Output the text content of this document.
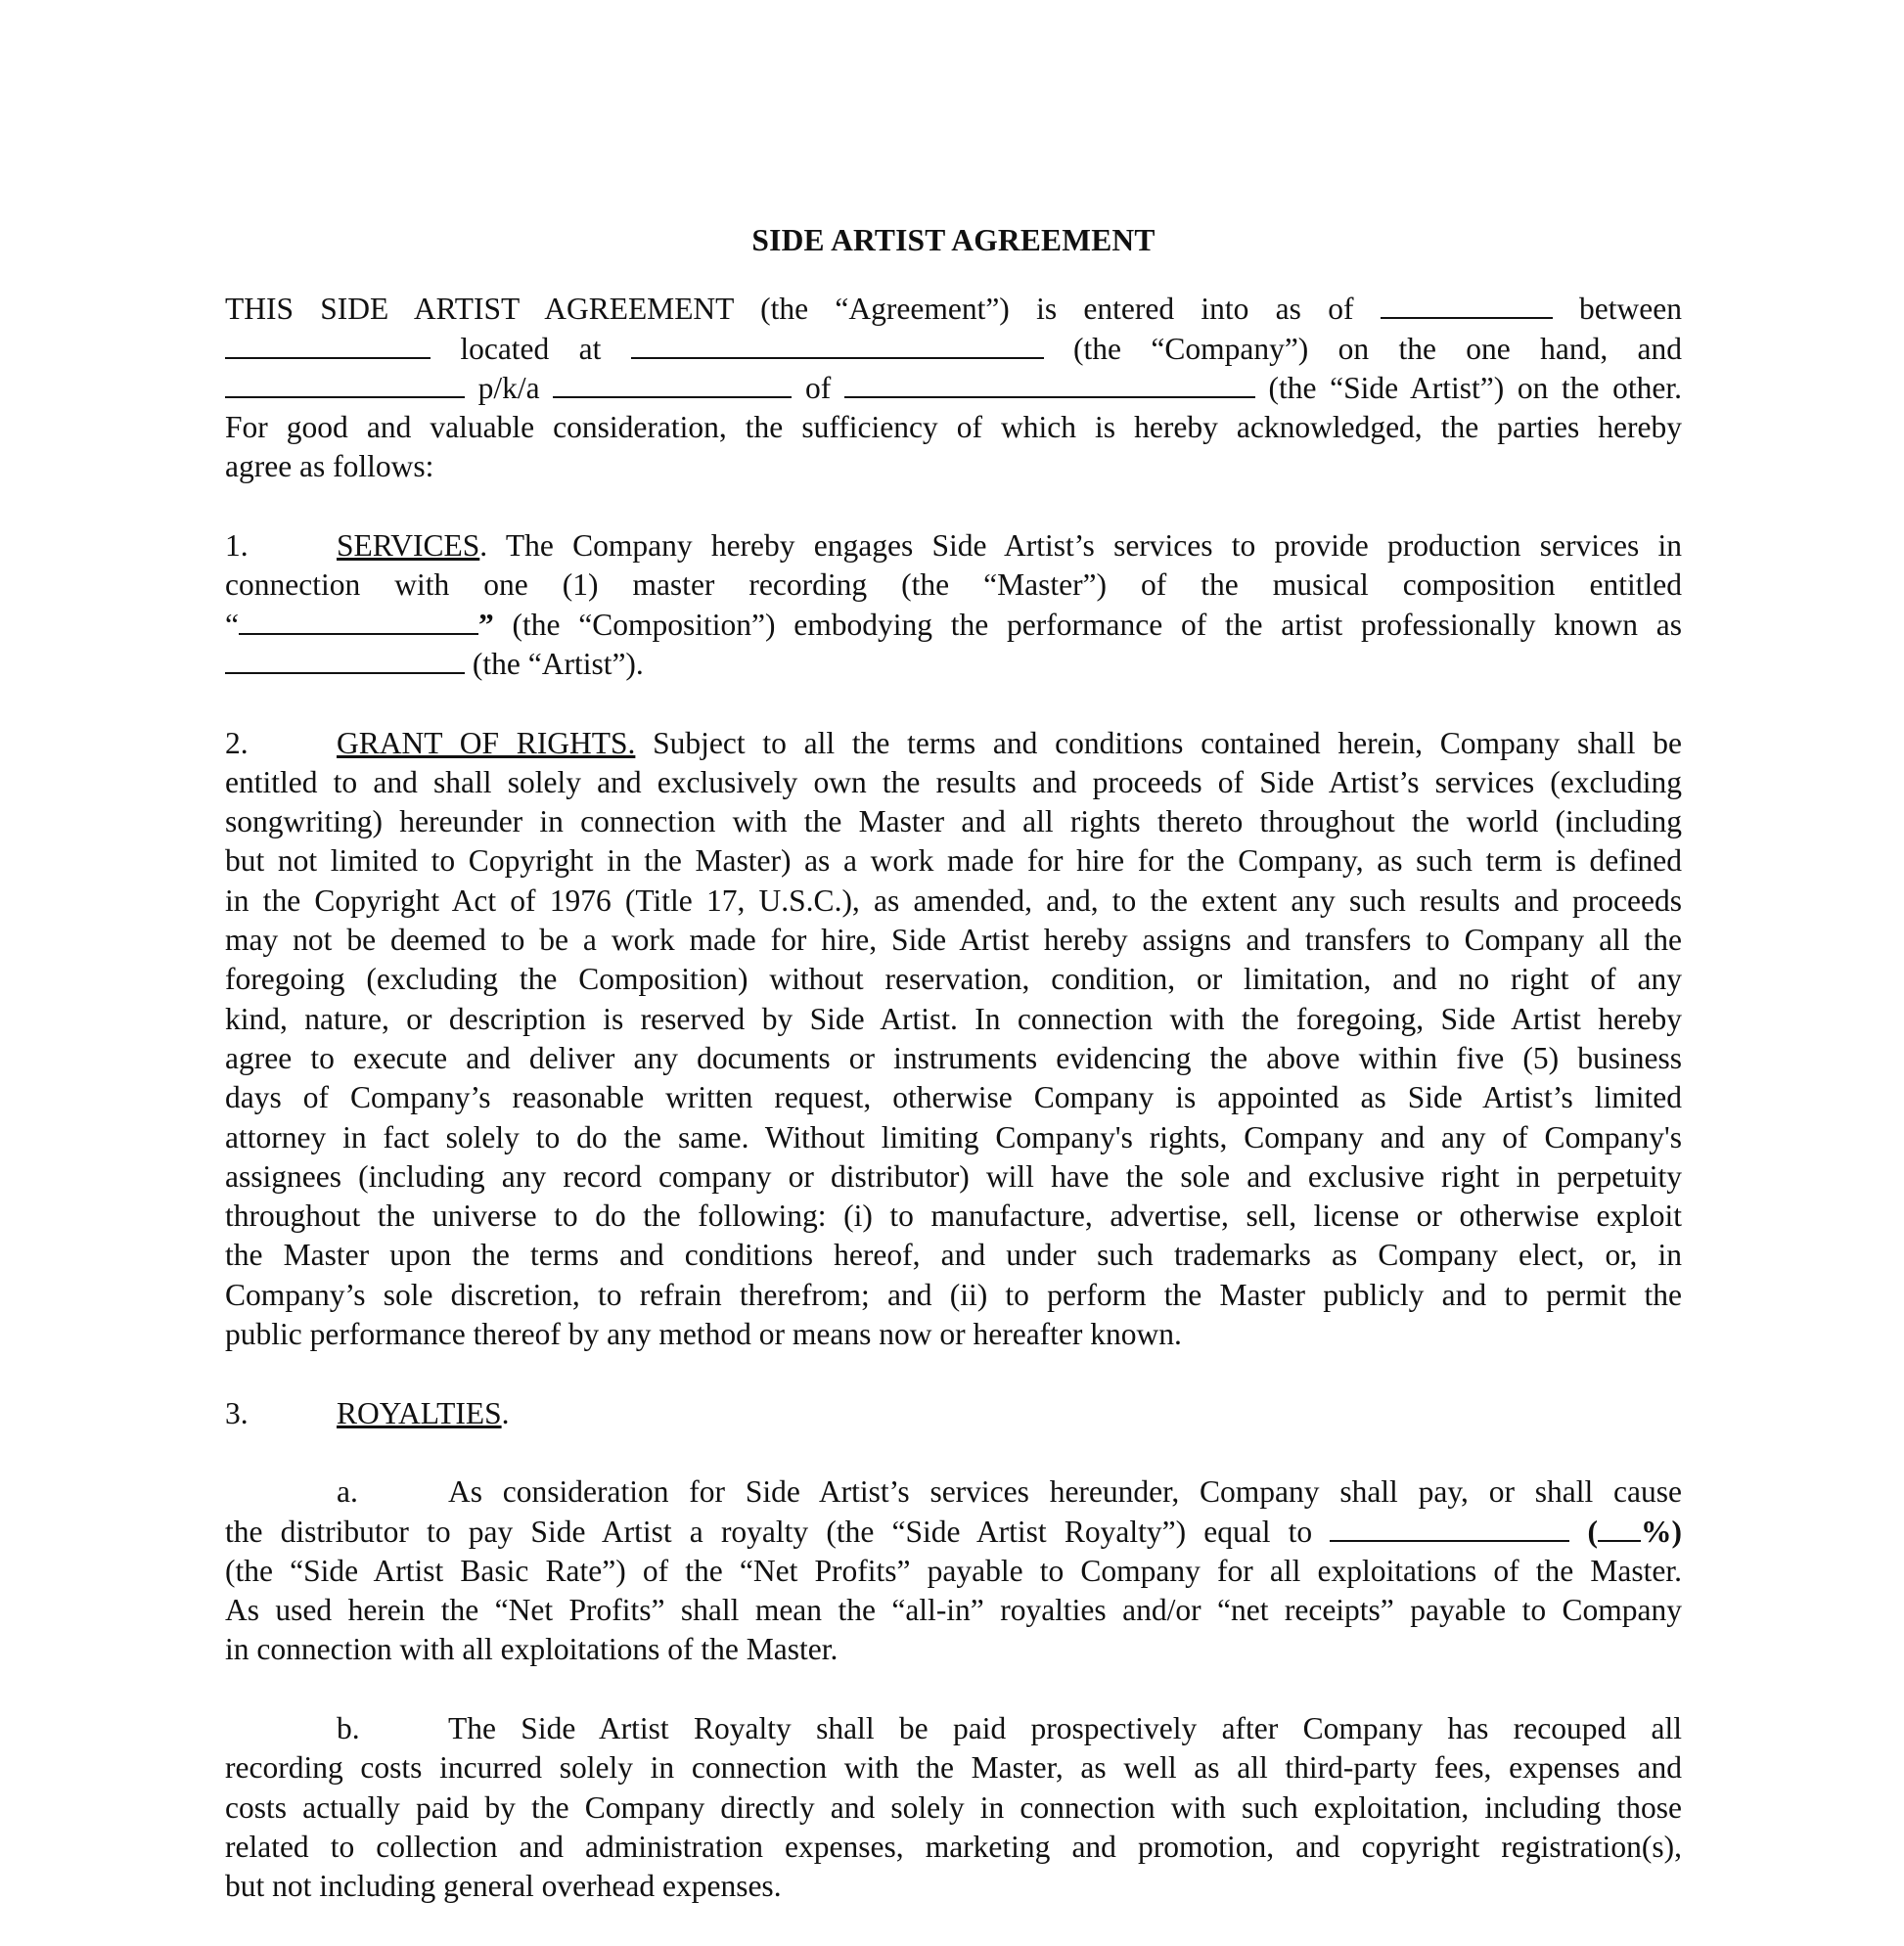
SIDE ARTIST AGREEMENT
THIS SIDE ARTIST AGREEMENT (the “Agreement”) is entered into as of	between
located at	(the “Company”) on the one hand, and
p/k/a	of	(the “Side Artist”) on the other.
For good and valuable consideration, the sufficiency of which is hereby acknowledged, the parties hereby
agree as follows:
1.	SERVICES. The Company hereby engages Side Artist’s services to provide production services in
connection with one (1) master recording (the “Master”) of the musical composition entitled
“	” (the “Composition”) embodying the performance of the artist professionally known as
(the “Artist”).
2.	GRANT OF RIGHTS. Subject to all the terms and conditions contained herein, Company shall be
entitled to and shall solely and exclusively own the results and proceeds of Side Artist’s services (excluding
songwriting) hereunder in connection with the Master and all rights thereto throughout the world (including
but not limited to Copyright in the Master) as a work made for hire for the Company, as such term is defined
in the Copyright Act of 1976 (Title 17, U.S.C.), as amended, and, to the extent any such results and proceeds
may not be deemed to be a work made for hire, Side Artist hereby assigns and transfers to Company all the
foregoing (excluding the Composition) without reservation, condition, or limitation, and no right of any
kind, nature, or description is reserved by Side Artist. In connection with the foregoing, Side Artist hereby
agree to execute and deliver any documents or instruments evidencing the above within five (5) business
days of Company’s reasonable written request, otherwise Company is appointed as Side Artist’s limited
attorney in fact solely to do the same. Without limiting Company's rights, Company and any of Company's
assignees (including any record company or distributor) will have the sole and exclusive right in perpetuity
throughout the universe to do the following: (i) to manufacture, advertise, sell, license or otherwise exploit
the Master upon the terms and conditions hereof, and under such trademarks as Company elect, or, in
Company’s sole discretion, to refrain therefrom; and (ii) to perform the Master publicly and to permit the
public performance thereof by any method or means now or hereafter known.
3.	ROYALTIES.
a.	As consideration for Side Artist’s services hereunder, Company shall pay, or shall cause
the distributor to pay Side Artist a royalty (the “Side Artist Royalty”) equal to	( %)
(the “Side Artist Basic Rate”) of the “Net Profits” payable to Company for all exploitations of the Master.
As used herein the “Net Profits” shall mean the “all-in” royalties and/or “net receipts” payable to Company
in connection with all exploitations of the Master.
b.	The Side Artist Royalty shall be paid prospectively after Company has recouped all
recording costs incurred solely in connection with the Master, as well as all third-party fees, expenses and
costs actually paid by the Company directly and solely in connection with such exploitation, including those
related to collection and administration expenses, marketing and promotion, and copyright registration(s),
but not including general overhead expenses.
